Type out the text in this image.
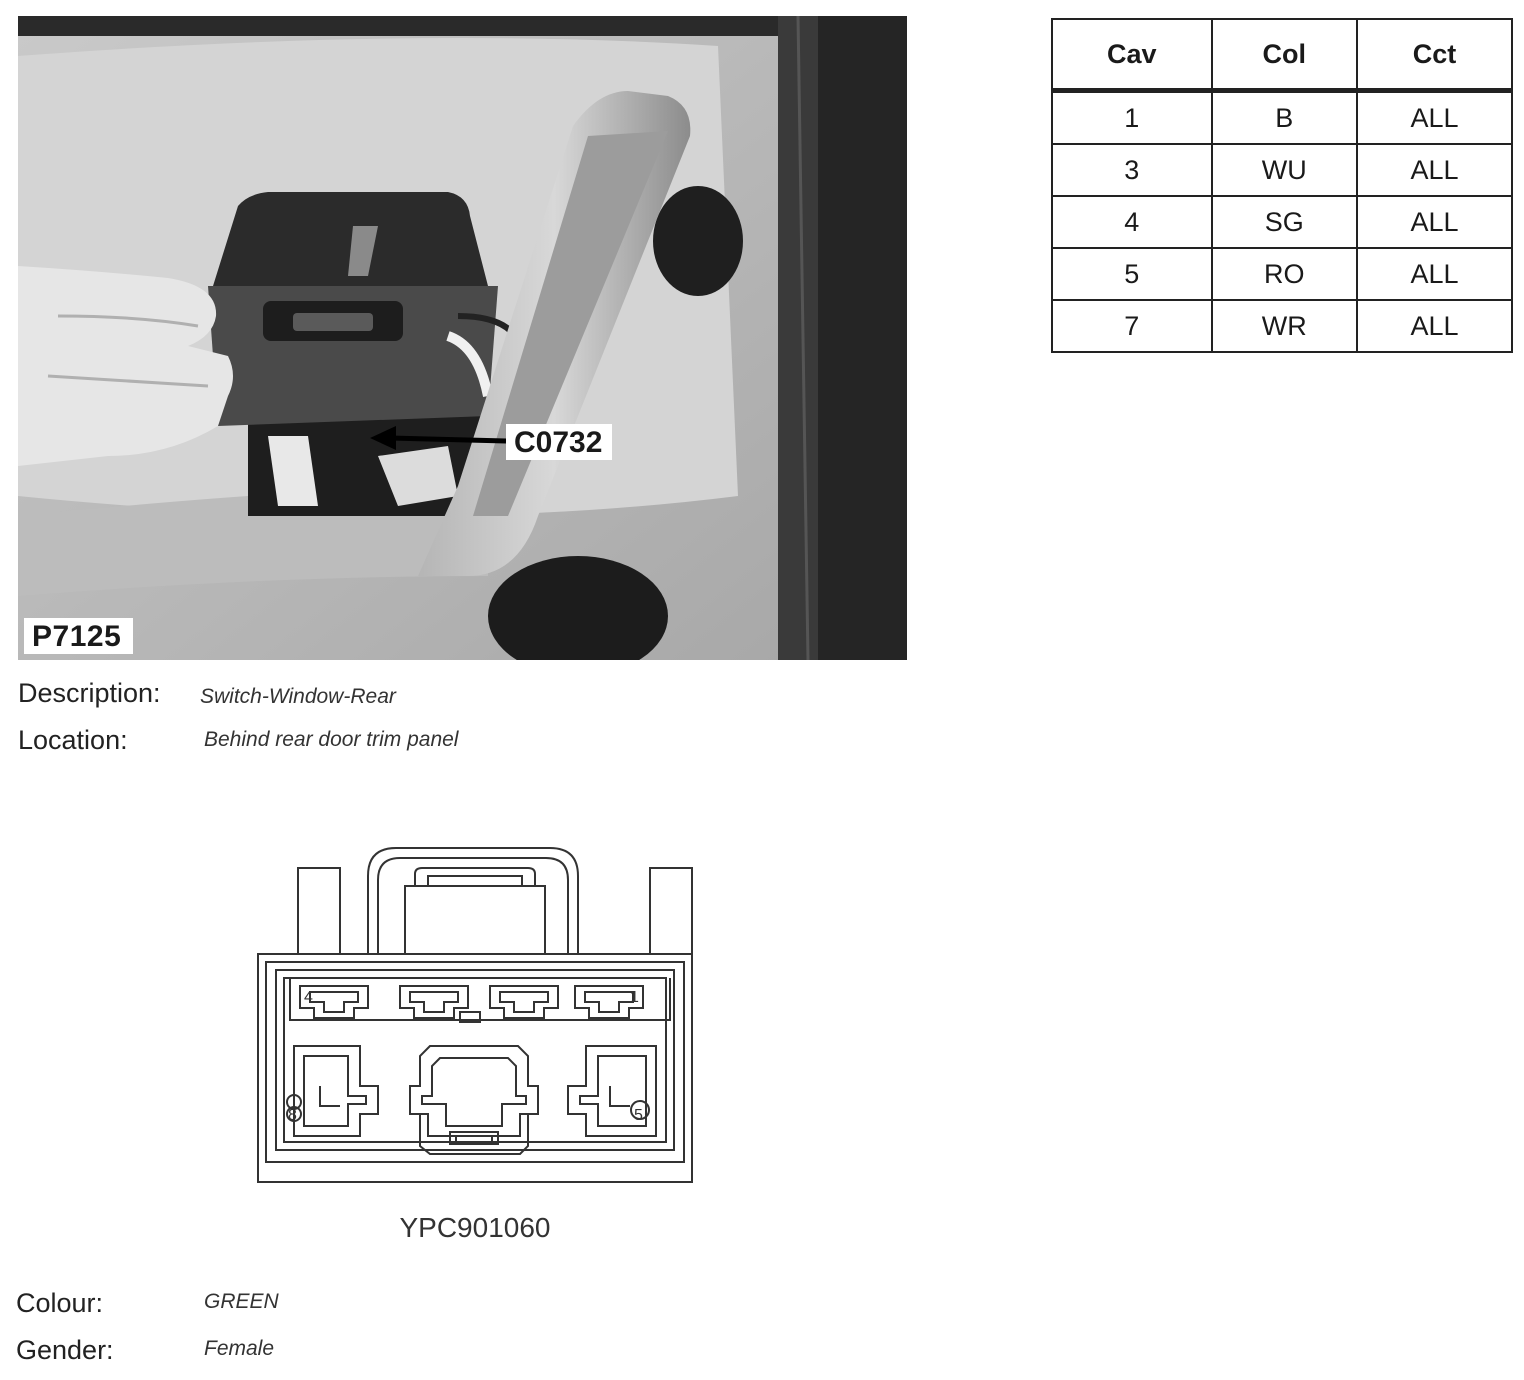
P7125
C0732
Cav	Col	Cct
1	B	ALL
3	WU	ALL
4	SG	ALL
5	RO	ALL
7	WR	ALL
Description: Switch-Window-Rear
Location:	Behind rear door trim panel
4	1
8	5
YPC901060
Colour:	GREEN
Gender:	Female
